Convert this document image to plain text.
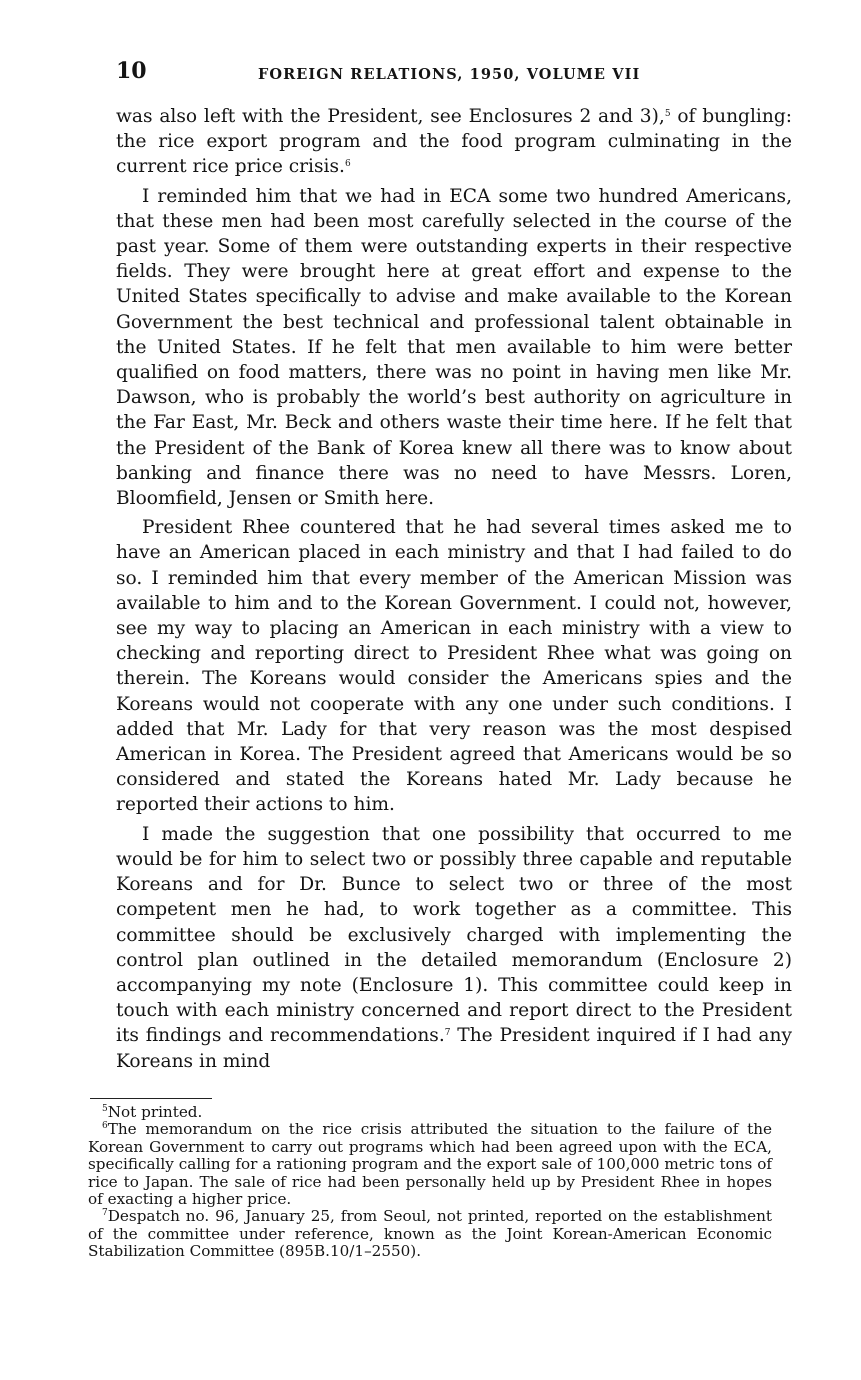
10	FOREIGN RELATIONS, 1950, VOLUME VII

was also left with the President, see Enclosures 2 and 3),$^5$ of bungling: the rice export program and the food program culminating in the current rice price crisis.$^6$

I reminded him that we had in ECA some two hundred Americans, that these men had been most carefully selected in the course of the past year. Some of them were outstanding experts in their respective fields. They were brought here at great effort and expense to the United States specifically to advise and make available to the Korean Government the best technical and professional talent obtainable in the United States. If he felt that men available to him were better qualified on food matters, there was no point in having men like Mr. Dawson, who is probably the world’s best authority on agriculture in the Far East, Mr. Beck and others waste their time here. If he felt that the President of the Bank of Korea knew all there was to know about banking and finance there was no need to have Messrs. Loren, Bloomfield, Jensen or Smith here.

President Rhee countered that he had several times asked me to have an American placed in each ministry and that I had failed to do so. I reminded him that every member of the American Mission was available to him and to the Korean Government. I could not, however, see my way to placing an American in each ministry with a view to checking and reporting direct to President Rhee what was going on therein. The Koreans would consider the Americans spies and the Koreans would not cooperate with any one under such conditions. I added that Mr. Lady for that very reason was the most despised American in Korea. The President agreed that Americans would be so considered and stated the Koreans hated Mr. Lady because he reported their actions to him.

I made the suggestion that one possibility that occurred to me would be for him to select two or possibly three capable and reputable Koreans and for Dr. Bunce to select two or three of the most competent men he had, to work together as a committee. This committee should be exclusively charged with implementing the control plan outlined in the detailed memorandum (Enclosure 2) accompanying my note (Enclosure 1). This committee could keep in touch with each ministry concerned and report direct to the President its findings and recommendations.$^7$ The President inquired if I had any Koreans in mind

$^5$Not printed.

$^6$The memorandum on the rice crisis attributed the situation to the failure of the Korean Government to carry out programs which had been agreed upon with the ECA, specifically calling for a rationing program and the export sale of 100,000 metric tons of rice to Japan. The sale of rice had been personally held up by President Rhee in hopes of exacting a higher price.

$^7$Despatch no. 96, January 25, from Seoul, not printed, reported on the establishment of the committee under reference, known as the Joint Korean-American Economic Stabilization Committee (895B.10/1–2550).
